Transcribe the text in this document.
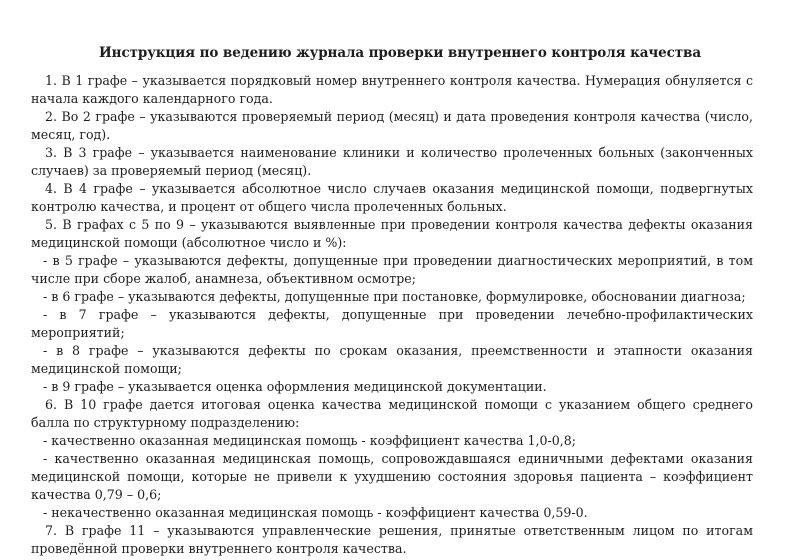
Инструкция по ведению журнала проверки внутреннего контроля качества

1. В 1 графе – указывается порядковый номер внутреннего контроля качества. Нумерация обнуляется с начала каждого календарного года.

2. Во 2 графе – указываются проверяемый период (месяц) и дата проведения контроля качества (число, месяц, год).

3. В 3 графе – указывается наименование клиники и количество пролеченных больных (законченных случаев) за проверяемый период (месяц).

4. В 4 графе – указывается абсолютное число случаев оказания медицинской помощи, подвергнутых контролю качества, и процент от общего числа пролеченных больных.

5. В графах с 5 по 9 – указываются выявленные при проведении контроля качества дефекты оказания медицинской помощи (абсолютное число и %):

- в 5 графе – указываются дефекты, допущенные при проведении диагностических мероприятий, в том числе при сборе жалоб, анамнеза, объективном осмотре;

- в 6 графе – указываются дефекты, допущенные при постановке, формулировке, обосновании диагноза;

- в 7 графе – указываются дефекты, допущенные при проведении лечебно-профилактических мероприятий;

- в 8 графе – указываются дефекты по срокам оказания, преемственности и этапности оказания медицинской помощи;

- в 9 графе – указывается оценка оформления медицинской документации.

6. В 10 графе дается итоговая оценка качества медицинской помощи с указанием общего среднего балла по структурному подразделению:

- качественно оказанная медицинская помощь - коэффициент качества 1,0-0,8;

- качественно оказанная медицинская помощь, сопровождавшаяся единичными дефектами оказания медицинской помощи, которые не привели к ухудшению состояния здоровья пациента – коэффициент качества 0,79 – 0,6;

- некачественно оказанная медицинская помощь - коэффициент качества 0,59-0.

7. В графе 11 – указываются управленческие решения, принятые ответственным лицом по итогам проведённой проверки внутреннего контроля качества.
